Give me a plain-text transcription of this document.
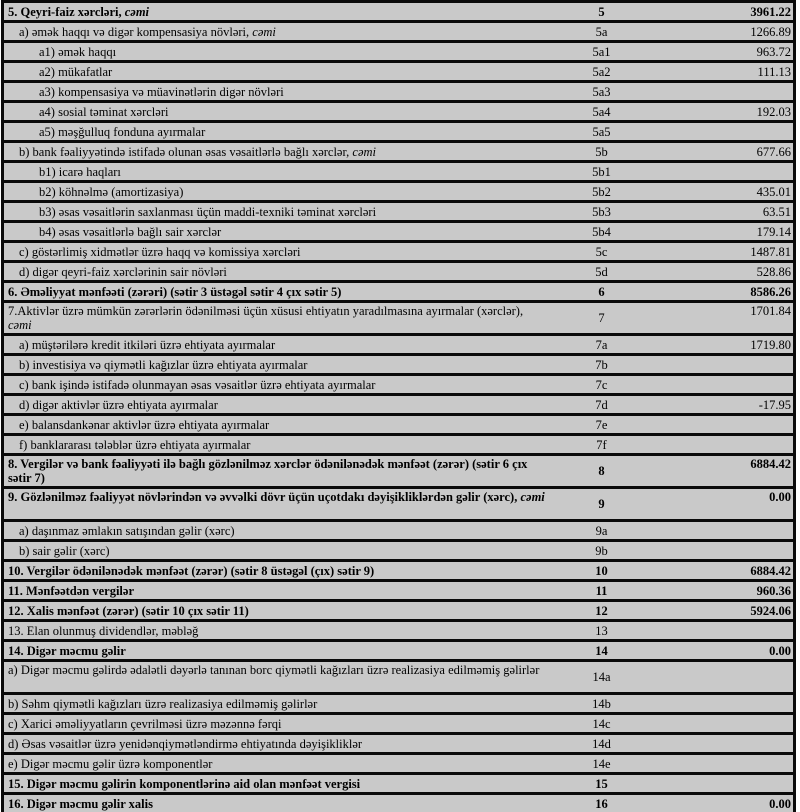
5. Qeyri-faiz xərcləri, cəmi	5	3961.22
a) əmək haqqı və digər kompensasiya növləri, cəmi	5a	1266.89
a1) əmək haqqı	5a1	963.72
a2) mükafatlar	5a2	111.13
a3) kompensasiya və müavinətlərin digər növləri	5a3	
a4) sosial təminat xərcləri	5a4	192.03
a5) məşğulluq fonduna ayırmalar	5a5	
b) bank fəaliyyətində istifadə olunan əsas vəsaitlərlə bağlı xərclər, cəmi	5b	677.66
b1) icarə haqları	5b1	
b2) köhnəlmə (amortizasiya)	5b2	435.01
b3) əsas vəsaitlərin saxlanması üçün maddi-texniki təminat xərcləri	5b3	63.51
b4) əsas vəsaitlərlə bağlı sair xərclər	5b4	179.14
c) göstərlimiş xidmətlər üzrə haqq və komissiya xərcləri	5c	1487.81
d) digər qeyri-faiz xərclərinin sair növləri	5d	528.86
6. Əməliyyat mənfəəti (zərəri) (sətir 3 üstəgəl sətir 4 çıx sətir 5)	6	8586.26
7.Aktivlər üzrə mümkün zərərlərin ödənilməsi üçün xüsusi ehtiyatın yaradılmasına ayırmalar (xərclər), cəmi	7	1701.84
a) müştərilərə kredit itkiləri üzrə ehtiyata ayırmalar	7a	1719.80
b) investisiya və qiymətli kağızlar üzrə ehtiyata ayırmalar	7b	
c) bank işində istifadə olunmayan əsas vəsaitlər üzrə ehtiyata ayırmalar	7c	
d) digər aktivlər üzrə ehtiyata ayırmalar	7d	-17.95
e) balansdankənar aktivlər üzrə ehtiyata ayırmalar	7e	
f) banklararası tələblər üzrə ehtiyata ayırmalar	7f	
8. Vergilər və bank fəaliyyəti ilə bağlı gözlənilməz xərclər ödənilənədək mənfəət (zərər) (sətir 6 çıx sətir 7)	8	6884.42
9. Gözlənilməz fəaliyyət növlərindən və əvvəlki dövr üçün uçotdakı dəyişikliklərdən gəlir (xərc), cəmi	9	0.00
a) daşınmaz əmlakın satışından gəlir (xərc)	9a	
b) sair gəlir (xərc)	9b	
10. Vergilər ödənilənədək mənfəət (zərər) (sətir 8 üstəgəl (çıx) sətir 9)	10	6884.42
11. Mənfəətdən vergilər	11	960.36
12. Xalis mənfəət (zərər) (sətir 10 çıx sətir 11)	12	5924.06
13. Elan olunmuş dividendlər, məbləğ	13	
14. Digər məcmu gəlir	14	0.00
a) Digər məcmu gəlirdə ədalətli dəyərlə tanınan borc qiymətli kağızları üzrə realizasiya edilməmiş gəlirlər	14a	
b) Səhm qiymətli kağızları üzrə realizasiya edilməmiş gəlirlər	14b	
c) Xarici əməliyyatların çevrilməsi üzrə məzənnə fərqi	14c	
d) Əsas vəsaitlər üzrə yenidənqiymətləndirmə ehtiyatında dəyişikliklər	14d	
e) Digər məcmu gəlir üzrə komponentlər	14e	
15. Digər məcmu gəlirin komponentlərinə aid olan mənfəət vergisi	15	
16. Digər məcmu gəlir xalis	16	0.00
